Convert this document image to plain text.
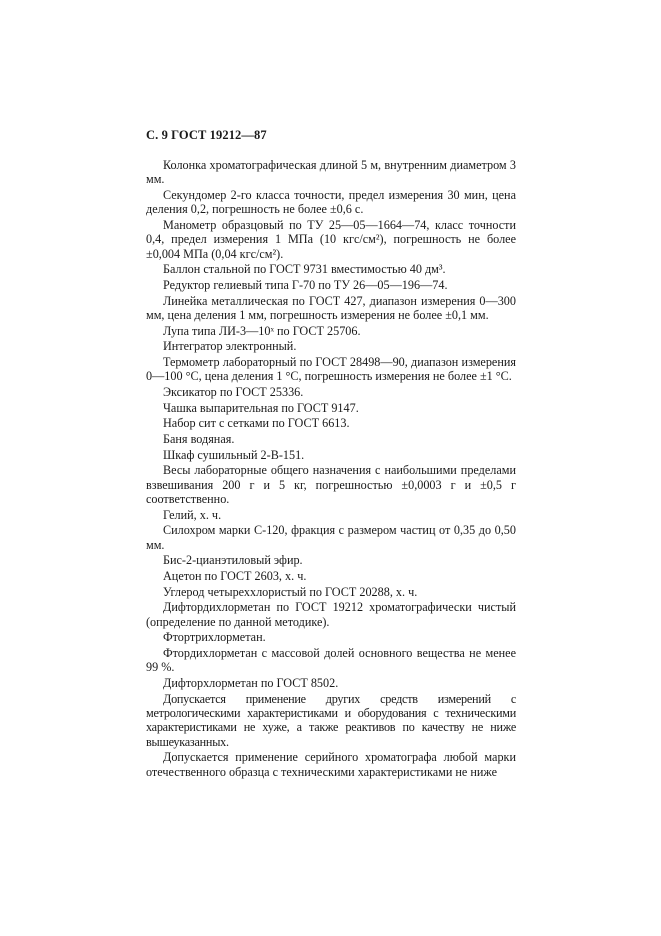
С. 9 ГОСТ 19212—87

Колонка хроматографическая длиной 5 м, внутренним диаметром 3 мм.

Секундомер 2-го класса точности, предел измерения 30 мин, цена деления 0,2, погрешность не более ±0,6 с.

Манометр образцовый по ТУ 25—05—1664—74, класс точности 0,4, предел измерения 1 МПа (10 кгс/см²), погрешность не более ±0,004 МПа (0,04 кгс/см²).

Баллон стальной по ГОСТ 9731 вместимостью 40 дм³.

Редуктор гелиевый типа Г-70 по ТУ 26—05—196—74.

Линейка металлическая по ГОСТ 427, диапазон измерения 0—300 мм, цена деления 1 мм, погрешность измерения не более ±0,1 мм.

Лупа типа ЛИ-3—10ˣ по ГОСТ 25706.

Интегратор электронный.

Термометр лабораторный по ГОСТ 28498—90, диапазон измерения 0—100 °С, цена деления 1 °С, погрешность измерения не более ±1 °С.

Эксикатор по ГОСТ 25336.

Чашка выпарительная по ГОСТ 9147.

Набор сит с сетками по ГОСТ 6613.

Баня водяная.

Шкаф сушильный 2-В-151.

Весы лабораторные общего назначения с наибольшими пределами взвешивания 200 г и 5 кг, погрешностью ±0,0003 г и ±0,5 г соответственно.

Гелий, х. ч.

Силохром марки С-120, фракция с размером частиц от 0,35 до 0,50 мм.

Бис-2-цианэтиловый эфир.

Ацетон по ГОСТ 2603, х. ч.

Углерод четыреххлористый по ГОСТ 20288, х. ч.

Дифтордихлорметан по ГОСТ 19212 хроматографически чистый (определение по данной методике).

Фтортрихлорметан.

Фтордихлорметан с массовой долей основного вещества не менее 99 %.

Дифторхлорметан по ГОСТ 8502.

Допускается применение других средств измерений с метрологическими характеристиками и оборудования с техническими характеристиками не хуже, а также реактивов по качеству не ниже вышеуказанных.

Допускается применение серийного хроматографа любой марки отечественного образца с техническими характеристиками не ниже
